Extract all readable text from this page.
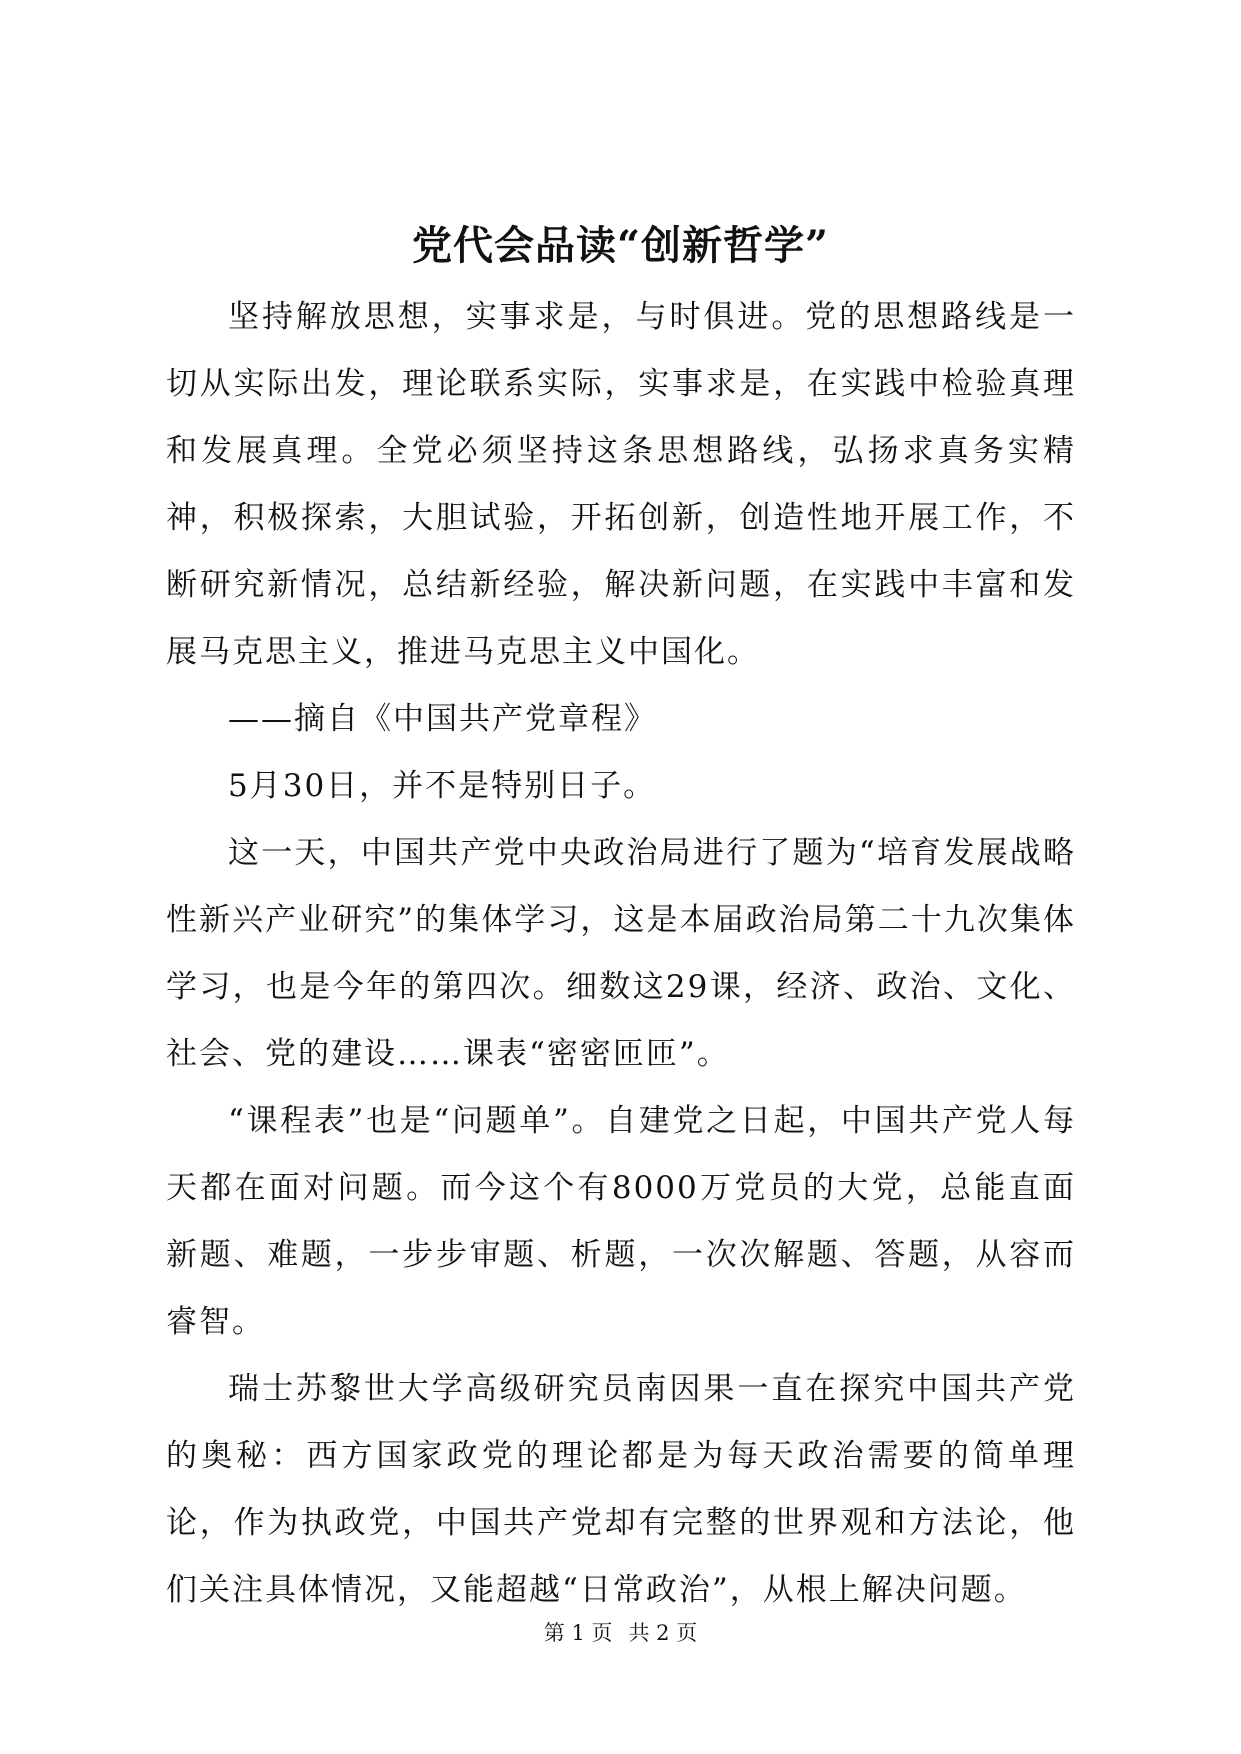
党代会品读“创新哲学”

坚持解放思想，实事求是，与时俱进。党的思想路线是一切从实际出发，理论联系实际，实事求是，在实践中检验真理和发展真理。全党必须坚持这条思想路线，弘扬求真务实精神，积极探索，大胆试验，开拓创新，创造性地开展工作，不断研究新情况，总结新经验，解决新问题，在实践中丰富和发展马克思主义，推进马克思主义中国化。

——摘自《中国共产党章程》

5月30日，并不是特别日子。

这一天，中国共产党中央政治局进行了题为“培育发展战略性新兴产业研究”的集体学习，这是本届政治局第二十九次集体学习，也是今年的第四次。细数这29课，经济、政治、文化、社会、党的建设……课表“密密匝匝”。

“课程表”也是“问题单”。自建党之日起，中国共产党人每天都在面对问题。而今这个有8000万党员的大党，总能直面新题、难题，一步步审题、析题，一次次解题、答题，从容而睿智。

瑞士苏黎世大学高级研究员南因果一直在探究中国共产党的奥秘：西方国家政党的理论都是为每天政治需要的简单理论，作为执政党，中国共产党却有完整的世界观和方法论，他们关注具体情况，又能超越“日常政治”，从根上解决问题。

第 1 页 共 2 页
